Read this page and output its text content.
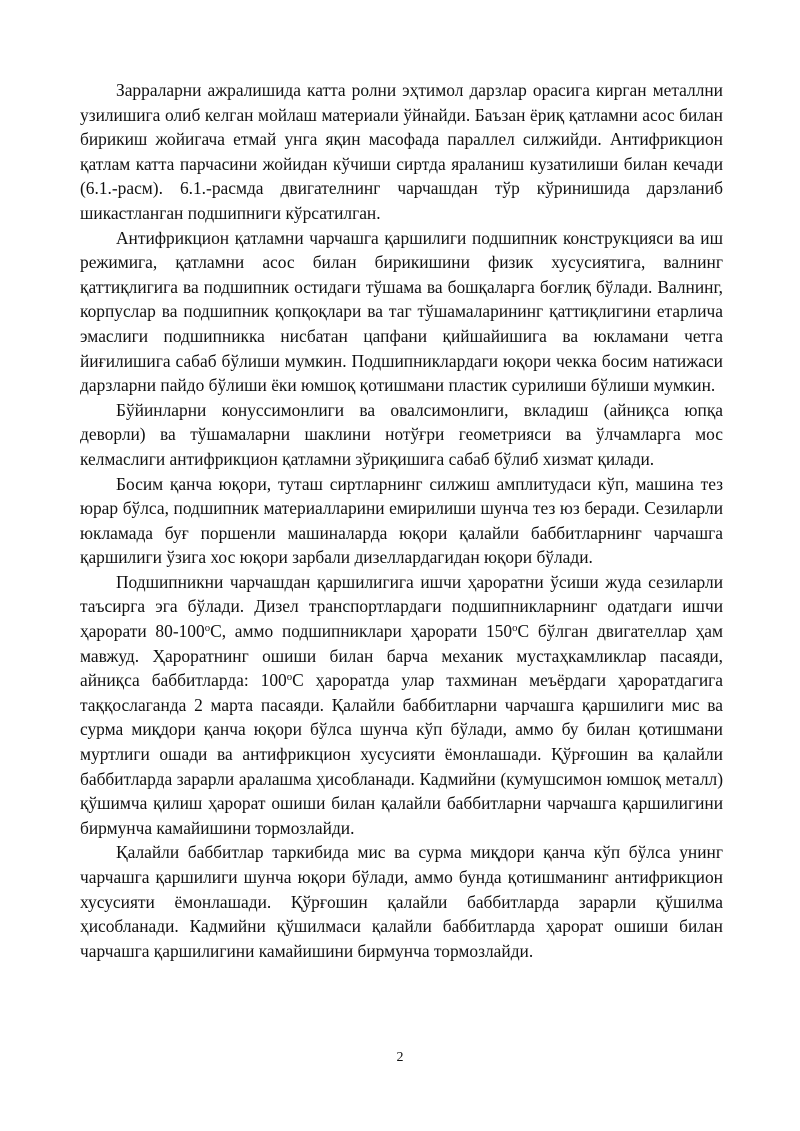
Зарраларни ажралишида катта ролни эҳтимол дарзлар орасига кирган металлни узилишига олиб келган мойлаш материали ўйнайди. Баъзан ёриқ қатламни асос билан бирикиш жойигача етмай унга яқин масофада параллел силжийди. Антифрикцион қатлам катта парчасини жойидан кўчиши сиртда яраланиш кузатилиши билан кечади (6.1.-расм). 6.1.-расмда двигателнинг чарчашдан тўр кўринишида дарзланиб шикастланган подшипниги кўрсатилган.

Антифрикцион қатламни чарчашга қаршилиги подшипник конструкцияси ва иш режимига, қатламни асос билан бирикишини физик хусусиятига, валнинг қаттиқлигига ва подшипник остидаги тўшама ва бошқаларга боғлиқ бўлади. Валнинг, корпуслар ва подшипник қопқоқлари ва таг тўшамаларининг қаттиқлигини етарлича эмаслиги подшипникка нисбатан цапфани қийшайишига ва юкламани четга йиғилишига сабаб бўлиши мумкин. Подшипниклардаги юқори чекка босим натижаси дарзларни пайдо бўлиши ёки юмшоқ қотишмани пластик сурилиши бўлиши мумкин.

Бўйинларни конуссимонлиги ва овалсимонлиги, вкладиш (айниқса юпқа деворли) ва тўшамаларни шаклини нотўғри геометрияси ва ўлчамларга мос келмаслиги антифрикцион қатламни зўриқишига сабаб бўлиб хизмат қилади.

Босим қанча юқори, туташ сиртларнинг силжиш амплитудаси кўп, машина тез юрар бўлса, подшипник материалларини емирилиши шунча тез юз беради. Сезиларли юкламада буғ поршенли машиналарда юқори қалайли баббитларнинг чарчашга қаршилиги ўзига хос юқори зарбали дизеллардагидан юқори бўлади.

Подшипникни чарчашдан қаршилигига ишчи ҳароратни ўсиши жуда сезиларли таъсирга эга бўлади. Дизел транспортлардаги подшипникларнинг одатдаги ишчи ҳарорати 80-100$^o$С, аммо подшипниклари ҳарорати 150$^o$С бўлган двигателлар ҳам мавжуд. Ҳароратнинг ошиши билан барча механик мустаҳкамликлар пасаяди, айниқса баббитларда: 100$^o$С ҳароратда улар тахминан меъёрдаги ҳароратдагига таққослаганда 2 марта пасаяди. Қалайли баббитларни чарчашга қаршилиги мис ва сурма миқдори қанча юқори бўлса шунча кўп бўлади, аммо бу билан қотишмани муртлиги ошади ва антифрикцион хусусияти ёмонлашади. Қўрғошин ва қалайли баббитларда зарарли аралашма ҳисобланади. Кадмийни (кумушсимон юмшоқ металл) қўшимча қилиш ҳарорат ошиши билан қалайли баббитларни чарчашга қаршилигини бирмунча камайишини тормозлайди.

Қалайли баббитлар таркибида мис ва сурма миқдори қанча кўп бўлса унинг чарчашга қаршилиги шунча юқори бўлади, аммо бунда қотишманинг антифрикцион хусусияти ёмонлашади. Қўрғошин қалайли баббитларда зарарли қўшилма ҳисобланади. Кадмийни қўшилмаси қалайли баббитларда ҳарорат ошиши билан чарчашга қаршилигини камайишини бирмунча тормозлайди.

2
